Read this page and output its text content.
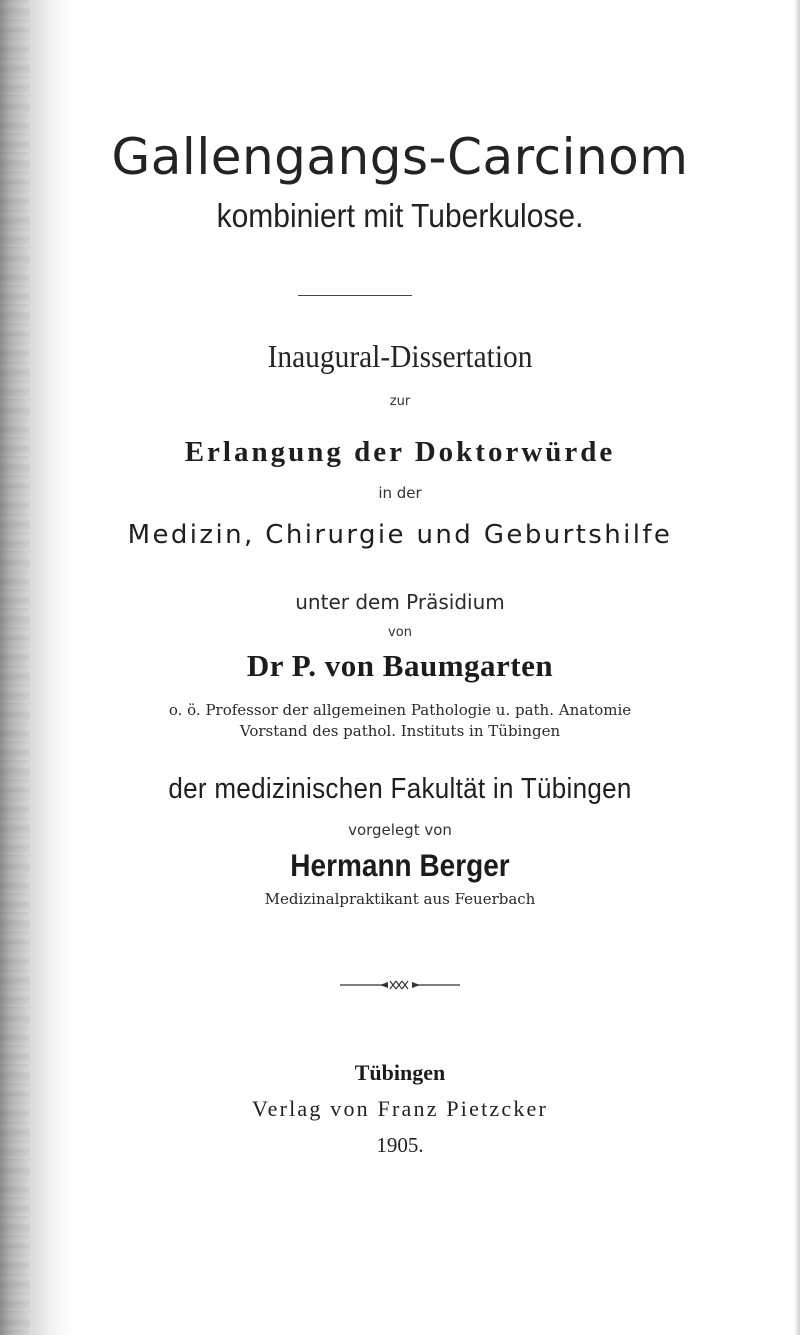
Gallengangs-Carcinom
kombiniert mit Tuberkulose.
Inaugural-Dissertation
zur
Erlangung der Doktorwürde
in der
Medizin, Chirurgie und Geburtshilfe
unter dem Präsidium
von
Dr P. von Baumgarten
o. ö. Professor der allgemeinen Pathologie u. path. Anatomie
Vorstand des pathol. Instituts in Tübingen
der medizinischen Fakultät in Tübingen
vorgelegt von
Hermann Berger
Medizinalpraktikant aus Feuerbach
Tübingen
Verlag von Franz Pietzcker
1905.
